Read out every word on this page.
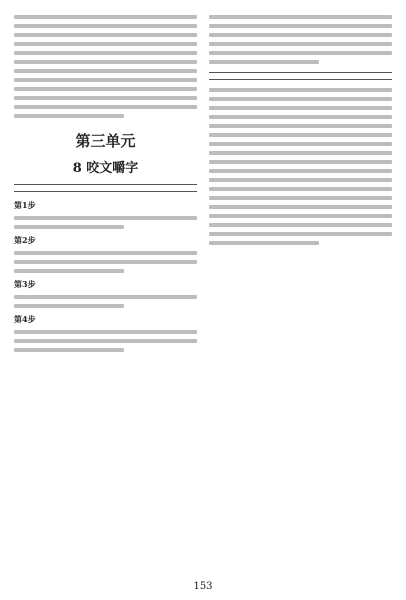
第三单元
8 咬文嚼字
第1步
第2步
第3步
第4步
153
